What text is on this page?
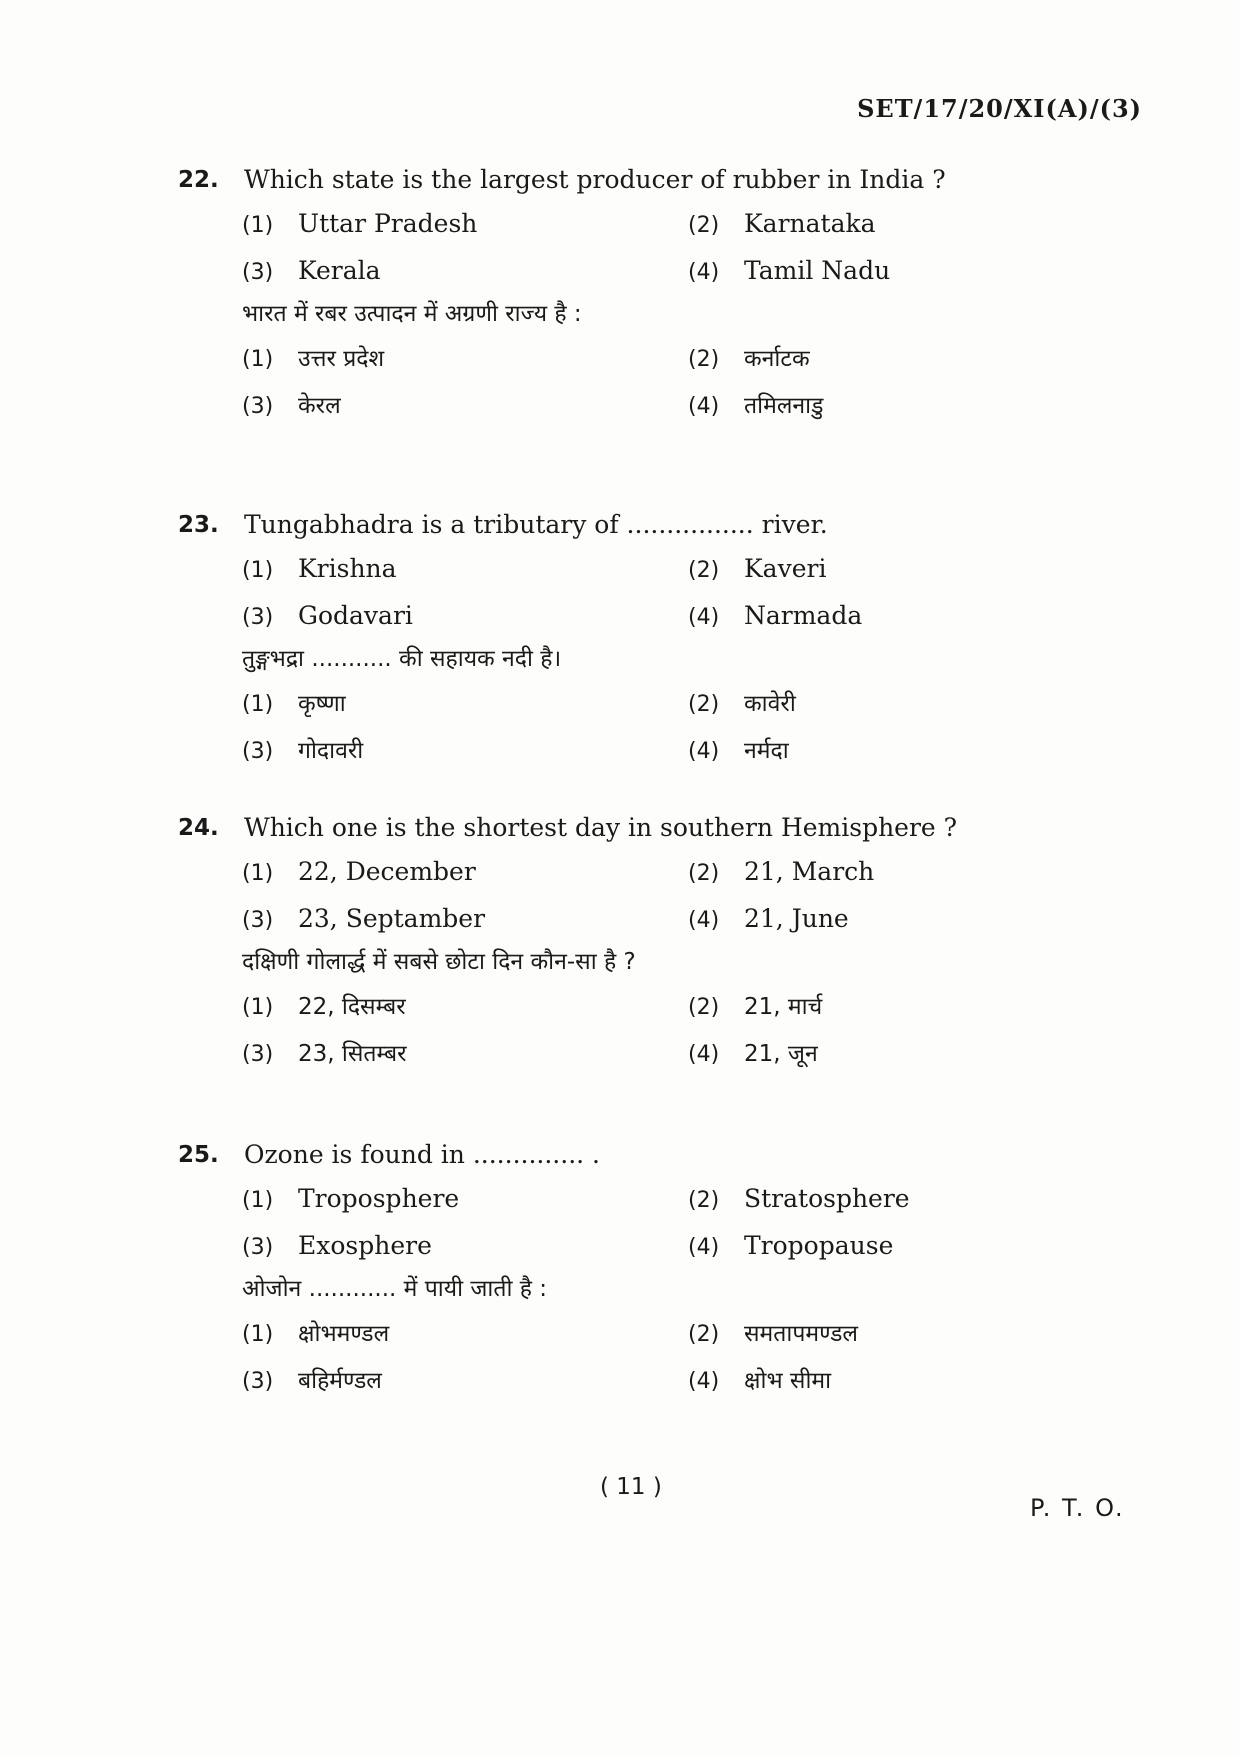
SET/17/20/XI(A)/(3)
22. Which state is the largest producer of rubber in India ?
(1) Uttar Pradesh	(2) Karnataka
(3) Kerala	(4) Tamil Nadu
भारत में रबर उत्पादन में अग्रणी राज्य है :
(1) उत्तर प्रदेश	(2) कर्नाटक
(3) केरल	(4) तमिलनाडु
23. Tungabhadra is a tributary of ................ river.
(1) Krishna	(2) Kaveri
(3) Godavari	(4) Narmada
तुङ्गभद्रा ........... की सहायक नदी है।
(1) कृष्णा	(2) कावेरी
(3) गोदावरी	(4) नर्मदा
24. Which one is the shortest day in southern Hemisphere ?
(1) 22, December	(2) 21, March
(3) 23, Septamber	(4) 21, June
दक्षिणी गोलार्द्ध में सबसे छोटा दिन कौन-सा है ?
(1) 22, दिसम्बर	(2) 21, मार्च
(3) 23, सितम्बर	(4) 21, जून
25. Ozone is found in .............. .
(1) Troposphere	(2) Stratosphere
(3) Exosphere	(4) Tropopause
ओजोन ............ में पायी जाती है :
(1) क्षोभमण्डल	(2) समतापमण्डल
(3) बहिर्मण्डल	(4) क्षोभ सीमा
( 11 )
P. T. O.
